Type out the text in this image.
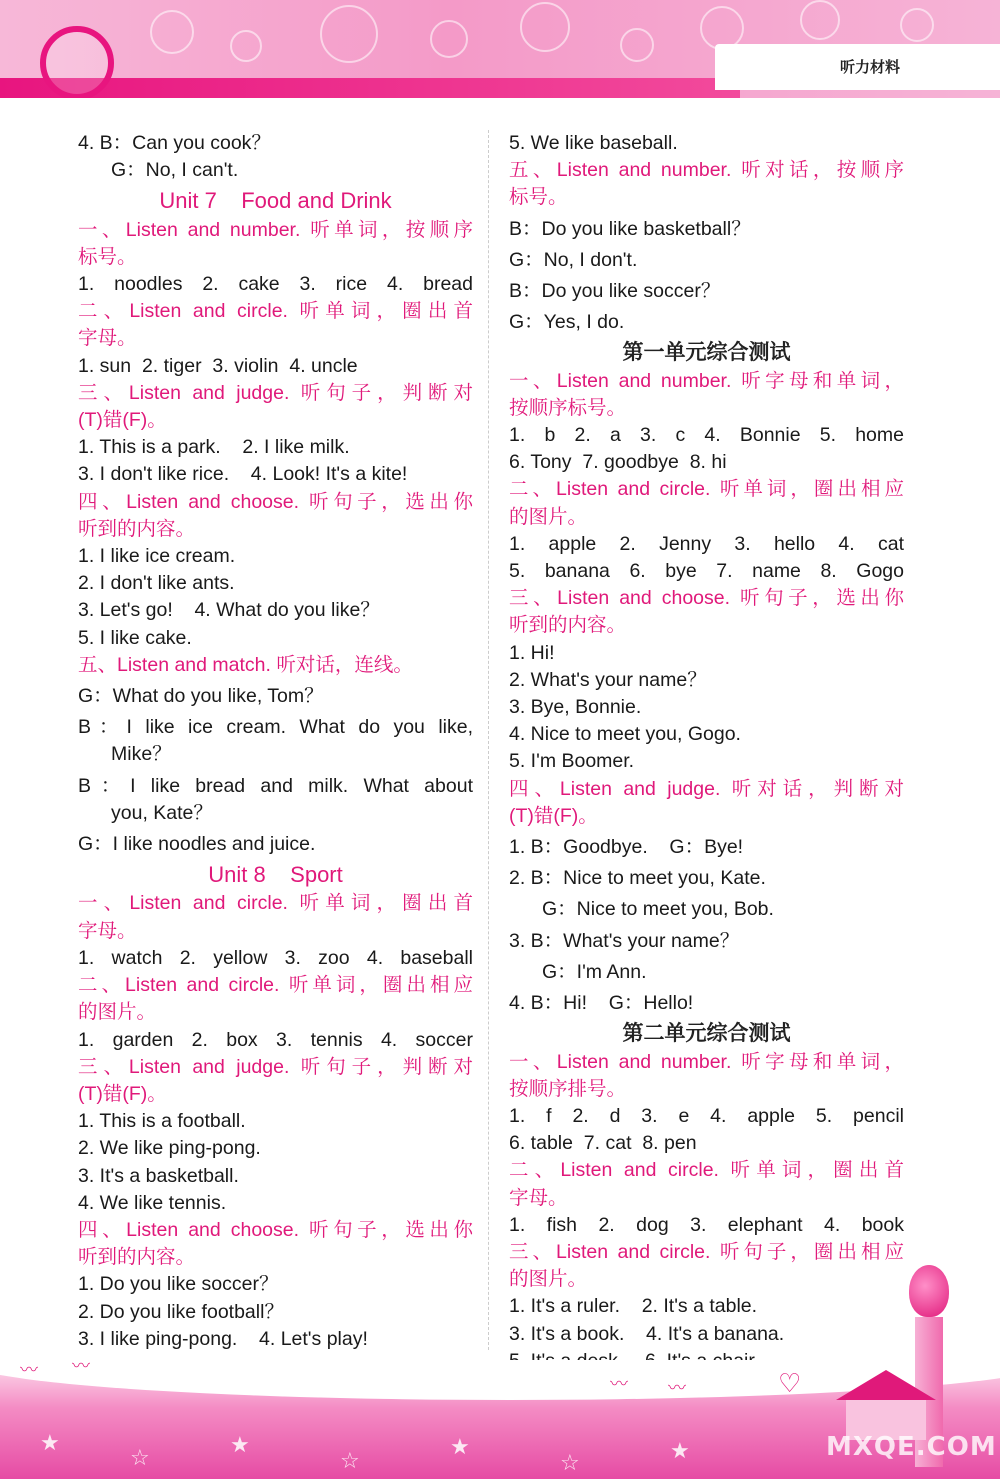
听力材料
4. B：Can you cook？
G：No, I can't.
Unit 7    Food and Drink
一、Listen and number. 听单词，按顺序
标号。
1. noodles 2. cake 3. rice 4. bread
二、Listen and circle. 听单词，圈出首
字母。
1. sun  2. tiger  3. violin  4. uncle
三、Listen and judge. 听句子，判断对
(T)错(F)。
1. This is a park.    2. I like milk.
3. I don't like rice.    4. Look! It's a kite!
四、Listen and choose. 听句子，选出你
听到的内容。
1. I like ice cream.
2. I don't like ants.
3. Let's go!    4. What do you like？
5. I like cake.
五、Listen and match. 听对话，连线。
G：What do you like, Tom？
B：I like ice cream. What do you like,
Mike？
B：I like bread and milk. What about
you, Kate？
G：I like noodles and juice.
Unit 8    Sport
一、Listen and circle. 听单词，圈出首
字母。
1. watch 2. yellow 3. zoo 4. baseball
二、Listen and circle. 听单词，圈出相应
的图片。
1. garden 2. box 3. tennis 4. soccer
三、Listen and judge. 听句子，判断对
(T)错(F)。
1. This is a football.
2. We like ping-pong.
3. It's a basketball.
4. We like tennis.
四、Listen and choose. 听句子，选出你
听到的内容。
1. Do you like soccer？
2. Do you like football？
3. I like ping-pong.    4. Let's play!
5. We like baseball.
五、Listen and number. 听对话，按顺序
标号。
B：Do you like basketball？
G：No, I don't.
B：Do you like soccer？
G：Yes, I do.
第一单元综合测试
一、Listen and number. 听字母和单词，
按顺序标号。
1. b 2. a 3. c 4. Bonnie 5. home
6. Tony  7. goodbye  8. hi
二、Listen and circle. 听单词，圈出相应
的图片。
1. apple 2. Jenny 3. hello 4. cat
5. banana 6. bye 7. name 8. Gogo
三、Listen and choose. 听句子，选出你
听到的内容。
1. Hi!
2. What's your name？
3. Bye, Bonnie.
4. Nice to meet you, Gogo.
5. I'm Boomer.
四、Listen and judge. 听对话，判断对
(T)错(F)。
1. B：Goodbye.    G：Bye!
2. B：Nice to meet you, Kate.
G：Nice to meet you, Bob.
3. B：What's your name？
G：I'm Ann.
4. B：Hi!    G：Hello!
第二单元综合测试
一、Listen and number. 听字母和单词，
按顺序排号。
1. f 2. d 3. e 4. apple 5. pencil
6. table  7. cat  8. pen
二、Listen and circle. 听单词，圈出首
字母。
1. fish 2. dog 3. elephant 4. book
三、Listen and circle. 听句子，圈出相应
的图片。
1. It's a ruler.    2. It's a table.
3. It's a book.    4. It's a banana.
★
☆
★
☆
★
☆	★
〰 〰
〰 〰	♡
MXQE.COM
